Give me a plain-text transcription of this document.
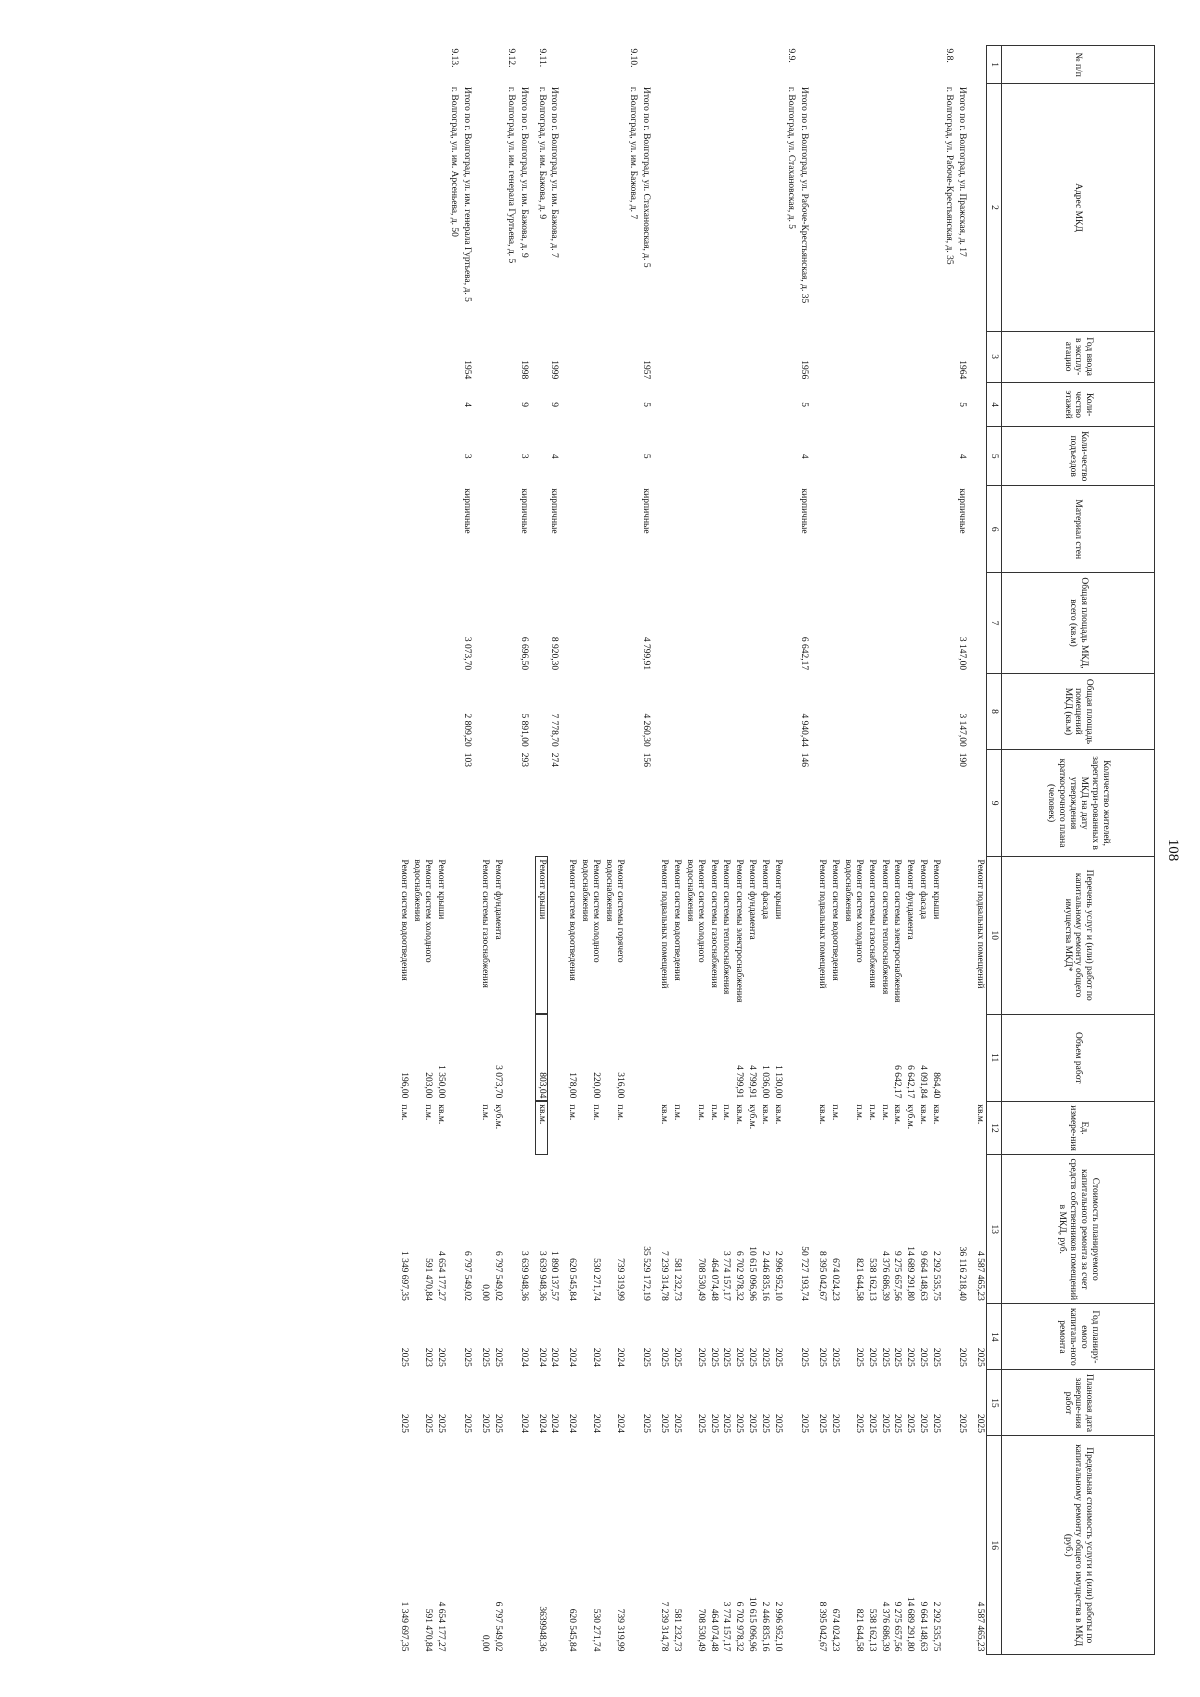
108
№ п/п	Адрес МКД	Год ввода в эксплу-атацию	Коли-чество этажей	Коли-чество подъездов	Материал стен	Общая площадь МКД, всего (кв.м)	Общая площадь помещений МКД (кв.м)	Количество жителей, зарегистри-рованных в МКД на дату утверждения краткосрочного плана (человек)	Перечень услуг и (или) работ по капитальному ремонту общего имущества МКД*	Объем работ	Ед. измере-ния	Стоимость планируемого капитального ремонта за счет средств собственников помещений в МКД, руб.	Год планиру-емого капиталь-ного ремонта	Плановая дата заверше-ния работ	Предельная стоимость услуги и (или) работы по капитальному ремонту общего имущества в МКД (руб.)
1	2	3	4	5	6	7	8	9	10	11	12	13	14	15	16
									Ремонт подвальных помещений		кв.м.	4 587 465,23	2025	2025	4 587 465,23
	Итого по г. Волгоград, ул. Пражская, д. 17	1964	5	4	кирпичные	3 147,00	3 147,00	190				36 116 218,40	2025	2025	
9.8.	г. Волгоград, ул. Рабоче-Крестьянская, д. 35														
									Ремонт крыши	864,40	кв.м.	2 292 535,75	2025	2025	2 292 535,75
									Ремонт фасада	4 091,84	кв.м.	9 664 148,63	2025	2025	9 664 148,63
									Ремонт фундамента	6 642,17	куб.м.	14 689 291,80	2025	2025	14 689 291,80
									Ремонт системы электроснабжения	6 642,17	кв.м.	9 275 657,56	2025	2025	9 275 657,56
									Ремонт системы теплоснабжения		п.м.	4 376 686,39	2025	2025	4 376 686,39
									Ремонт системы газоснабжения		п.м.	538 162,13	2025	2025	538 162,13
									Ремонт систем холодного водоснабжения		п.м.	821 644,58	2025	2025	821 644,58
									Ремонт систем водоотведения		п.м.	674 024,23	2025	2025	674 024,23
									Ремонт подвальных помещений		кв.м.	8 395 042,67	2025	2025	8 395 042,67
	Итого по г. Волгоград, ул. Рабоче-Крестьянская, д. 35	1956	5	4	кирпичные	6 642,17	4 940,44	146				50 727 193,74	2025	2025	
9.9.	г. Волгоград, ул. Стахановская, д. 5														
									Ремонт крыши	1 130,00	кв.м.	2 996 952,10	2025	2025	2 996 952,10
									Ремонт фасада	1 036,00	кв.м.	2 446 835,16	2025	2025	2 446 835,16
									Ремонт фундамента	4 799,91	куб.м.	10 615 096,96	2025	2025	10 615 096,96
									Ремонт системы электроснабжения	4 799,91	кв.м.	6 702 978,32	2025	2025	6 702 978,32
									Ремонт системы теплоснабжения		п.м.	3 774 157,17	2025	2025	3 774 157,17
									Ремонт системы газоснабжения		п.м.	464 074,48	2025	2025	464 074,48
									Ремонт систем холодного водоснабжения		п.м.	708 530,49	2025	2025	708 530,49
									Ремонт систем водоотведения		п.м.	581 232,73	2025	2025	581 232,73
									Ремонт подвальных помещений		кв.м.	7 239 314,78	2025	2025	7 239 314,78
	Итого по г. Волгоград, ул. Стахановская, д. 5	1957	5	5	кирпичные	4 799,91	4 260,30	156				35 529 172,19	2025	2025	
9.10.	г. Волгоград, ул. им. Бажова, д. 7														
									Ремонт системы горячего водоснабжения	316,00	п.м.	739 319,99	2024	2024	739 319,99
									Ремонт систем холодного водоснабжения	220,00	п.м.	530 271,74	2024	2024	530 271,74
									Ремонт систем водоотведения	178,00	п.м.	620 545,84	2024	2024	620 545,84
	Итого по г. Волгоград, ул. им. Бажова, д. 7	1999	9	4	кирпичные	8 920,30	7 778,70	274				1 890 137,57	2024	2024	
9.11.	г. Волгоград, ул. им. Бажова, д. 9								Ремонт крыши	803,04	кв.м.	3 639 948,36	2024	2024	3639948,36
	Итого по г. Волгоград, ул. им. Бажова, д. 9	1998	9	3	кирпичные	6 696,50	5 891,00	293				3 639 948,36	2024	2024	
9.12.	г. Волгоград, ул. им. генерала Гуртьева, д. 5														
									Ремонт фундамента	3 073,70	куб.м.	6 797 549,02	2025	2025	6 797 549,02
									Ремонт системы газоснабжения		п.м.	0,00	2025	2025	0,00
	Итого по г. Волгоград, ул. им. генерала Гуртьева, д. 5	1954	4	3	кирпичные	3 073,70	2 809,20	103				6 797 549,02	2025	2025	
9.13.	г. Волгоград, ул. им. Арсеньева, д. 50														
									Ремонт крыши	1 350,00	кв.м.	4 654 177,27	2025	2025	4 654 177,27
									Ремонт систем холодного водоснабжения	203,00	п.м.	591 470,84	2023	2025	591 470,84
									Ремонт систем водоотведения	196,00	п.м.	1 349 697,35	2025	2025	1 349 697,35
